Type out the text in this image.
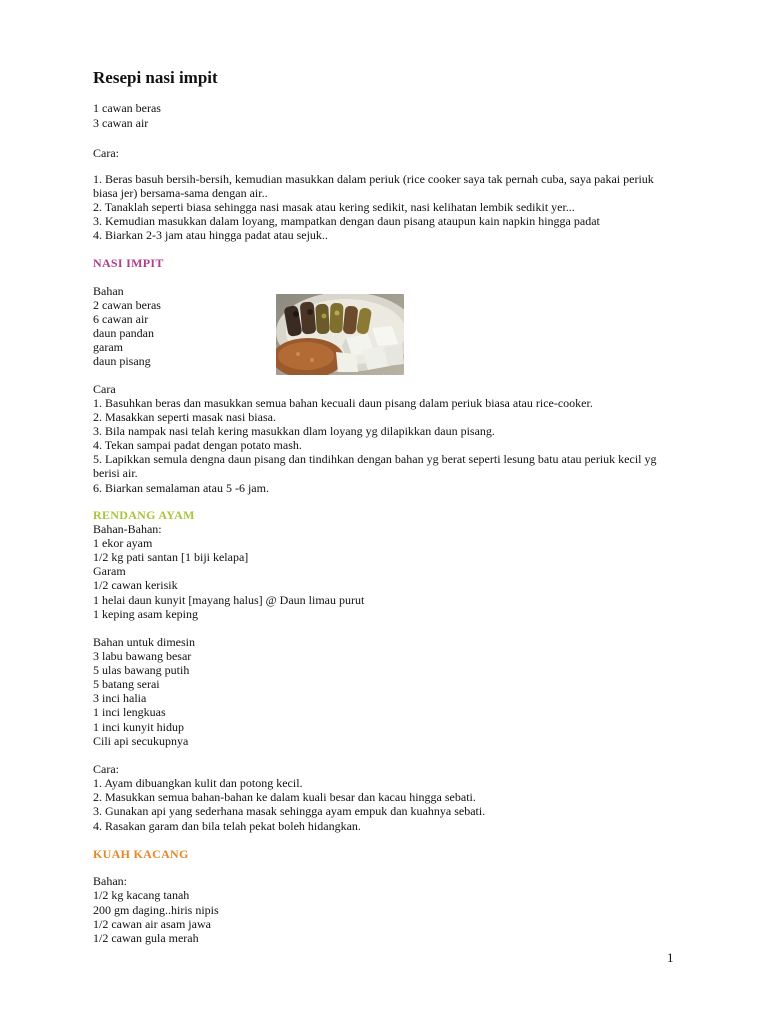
Resepi nasi impit
1 cawan beras
3 cawan air
Cara:
1. Beras basuh bersih-bersih, kemudian masukkan dalam periuk (rice cooker saya tak pernah cuba, saya pakai periuk biasa jer) bersama-sama dengan air..
2. Tanaklah seperti biasa sehingga nasi masak atau kering sedikit, nasi kelihatan lembik sedikit yer...
3. Kemudian masukkan dalam loyang, mampatkan dengan daun pisang ataupun kain napkin hingga padat
4. Biarkan 2-3 jam atau hingga padat atau sejuk..
NASI IMPIT
Bahan
2 cawan beras
6 cawan air
daun pandan
garam
daun pisang
Cara
1. Basuhkan beras dan masukkan semua bahan kecuali daun pisang dalam periuk biasa atau rice-cooker.
2. Masakkan seperti masak nasi biasa.
3. Bila nampak nasi telah kering masukkan dlam loyang yg dilapikkan daun pisang.
4. Tekan sampai padat dengan potato mash.
5. Lapikkan semula dengna daun pisang dan tindihkan dengan bahan yg berat seperti lesung batu atau periuk kecil yg berisi air.
6. Biarkan semalaman atau 5 -6 jam.
RENDANG AYAM
Bahan-Bahan:
1 ekor ayam
1/2 kg pati santan [1 biji kelapa]
Garam
1/2 cawan kerisik
1 helai daun kunyit [mayang halus] @ Daun limau purut
1 keping asam keping
Bahan untuk dimesin
3 labu bawang besar
5 ulas bawang putih
5 batang serai
3 inci halia
1 inci lengkuas
1 inci kunyit hidup
Cili api secukupnya
Cara:
1. Ayam dibuangkan kulit dan potong kecil.
2. Masukkan semua bahan-bahan ke dalam kuali besar dan kacau hingga sebati.
3. Gunakan api yang sederhana masak sehingga ayam empuk dan kuahnya sebati.
4. Rasakan garam dan bila telah pekat boleh hidangkan.
KUAH KACANG
Bahan:
1/2 kg kacang tanah
200 gm daging..hiris nipis
1/2 cawan air asam jawa
1/2 cawan gula merah
1
